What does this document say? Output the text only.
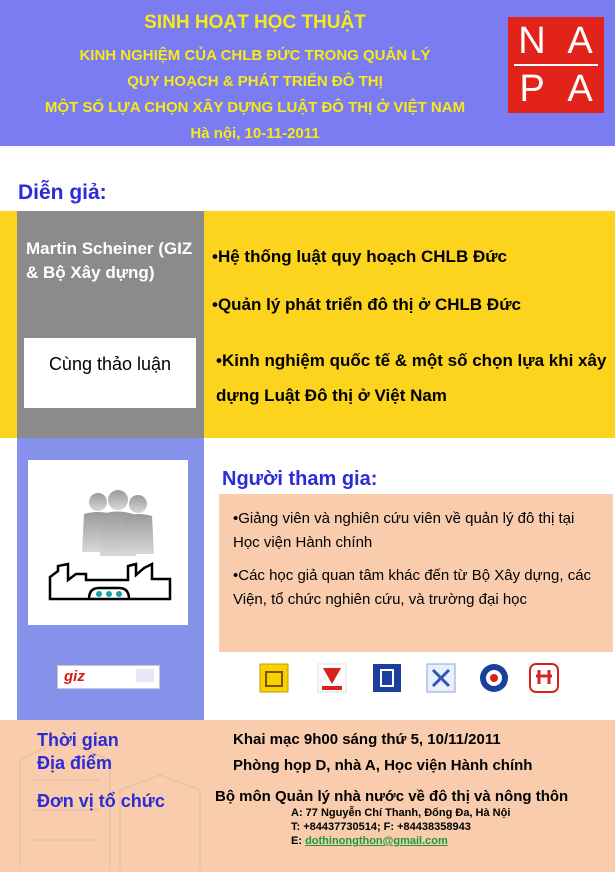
SINH HOẠT HỌC THUẬT
KINH NGHIỆM CỦA CHLB ĐỨC TRONG QUẢN LÝ
QUY HOẠCH & PHÁT TRIỂN ĐÔ THỊ
MỘT SỐ LỰA CHỌN XÂY DỰNG LUẬT ĐÔ THỊ Ở VIỆT NAM
Hà nội, 10-11-2011
N A
P A
Diễn giả:
Martin Scheiner (GIZ & Bộ Xây dựng)
Cùng thảo luận
•Hệ thống luật quy hoạch CHLB Đức
•Quản lý phát triển đô thị ở CHLB Đức
•Kinh nghiệm quốc tế & một số chọn lựa khi xây dựng Luật Đô thị ở Việt Nam
giz
Người tham gia:
•Giảng viên và nghiên cứu viên về quản lý đô thị tại Học viện Hành chính
•Các học giả quan tâm khác đến từ Bộ Xây dựng, các Viện, tổ chức nghiên cứu, và trường đại học
Thời gian
Địa điểm
Đơn vị tổ chức
Khai mạc 9h00 sáng thứ 5, 10/11/2011
Phòng họp D, nhà A, Học viện Hành chính
Bộ môn Quản lý nhà nước về đô thị và nông thôn
A: 77 Nguyễn Chí Thanh, Đống Đa, Hà Nội
T: +84437730514; F: +84438358943
E: dothinongthon@gmail.com
